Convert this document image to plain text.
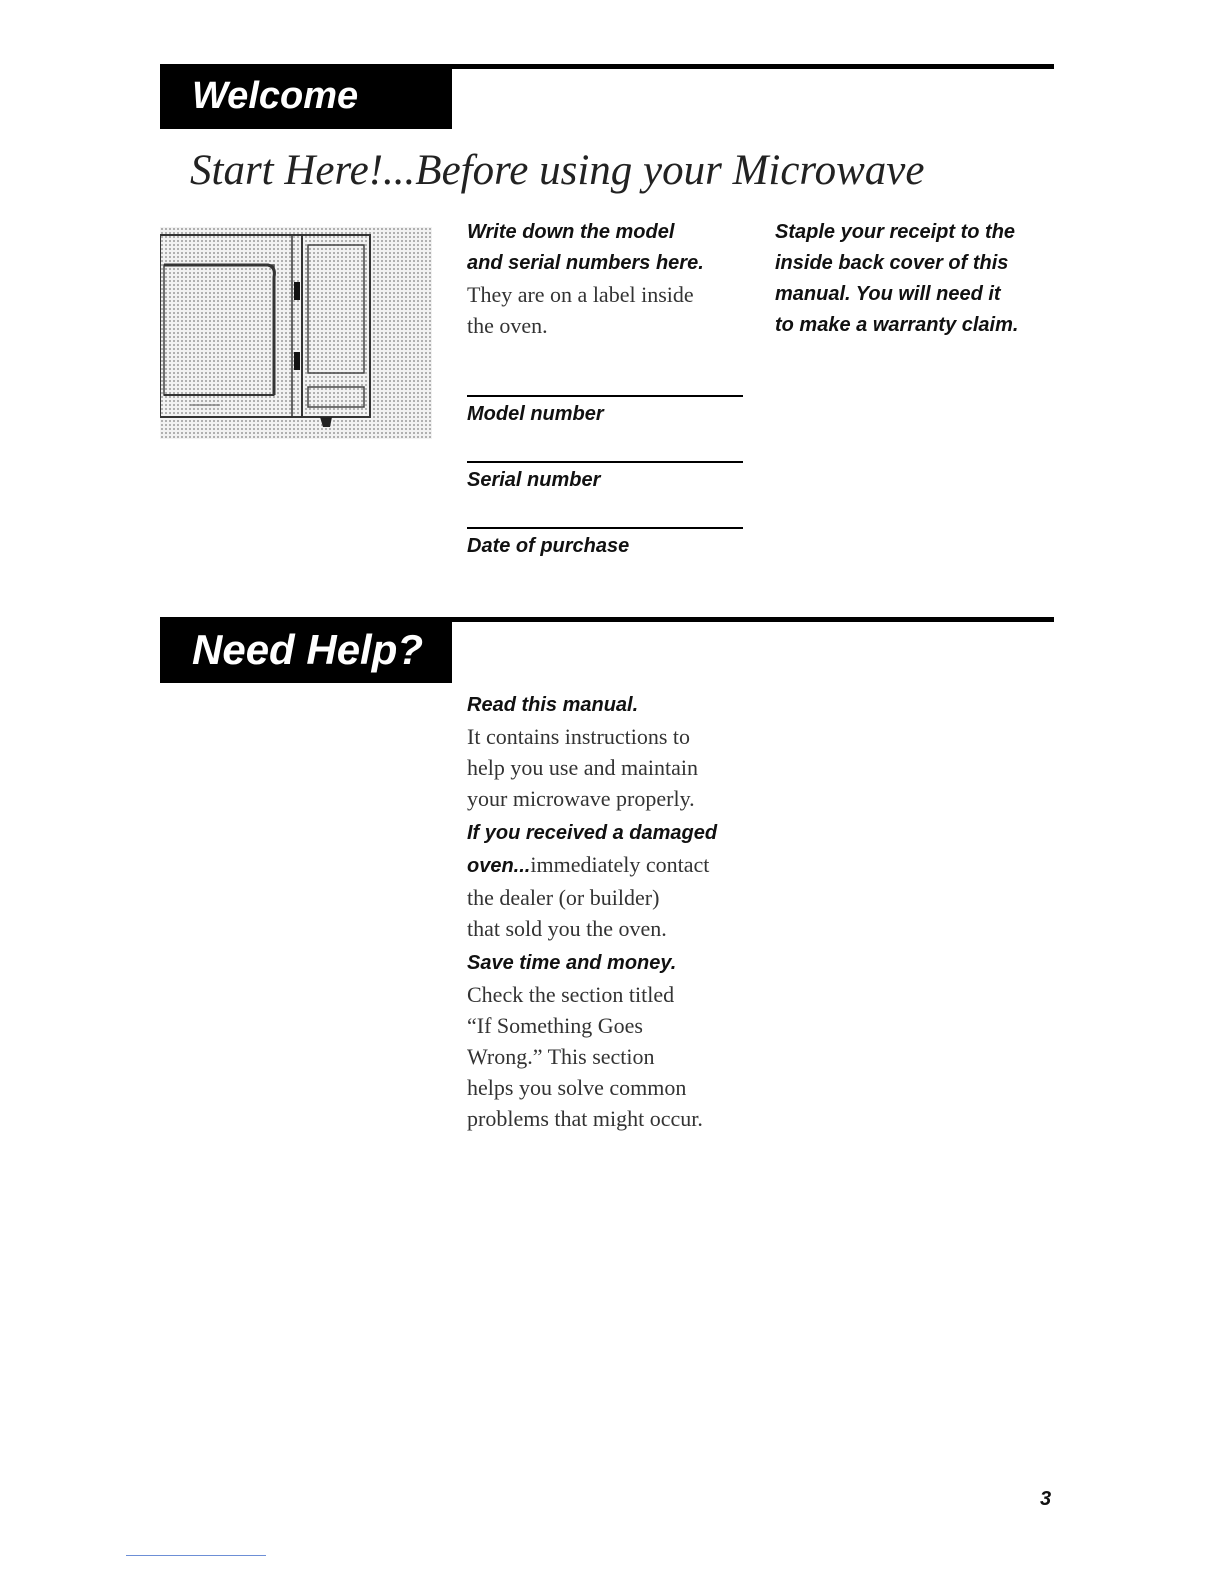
Welcome
Start Here!...Before using your Microwave
Write down the model
and serial numbers here.
They are on a label inside
the oven.
Model number
Serial number
Date of purchase
Staple your receipt to the
inside back cover of this
manual. You will need it
to make a warranty claim.
Need Help?
Read this manual.
It contains instructions to
help you use and maintain
your microwave properly.
If you received a damaged
oven...immediately contact
the dealer (or builder)
that sold you the oven.
Save time and money.
Check the section titled
“If Something Goes
Wrong.” This section
helps you solve common
problems that might occur.
3
